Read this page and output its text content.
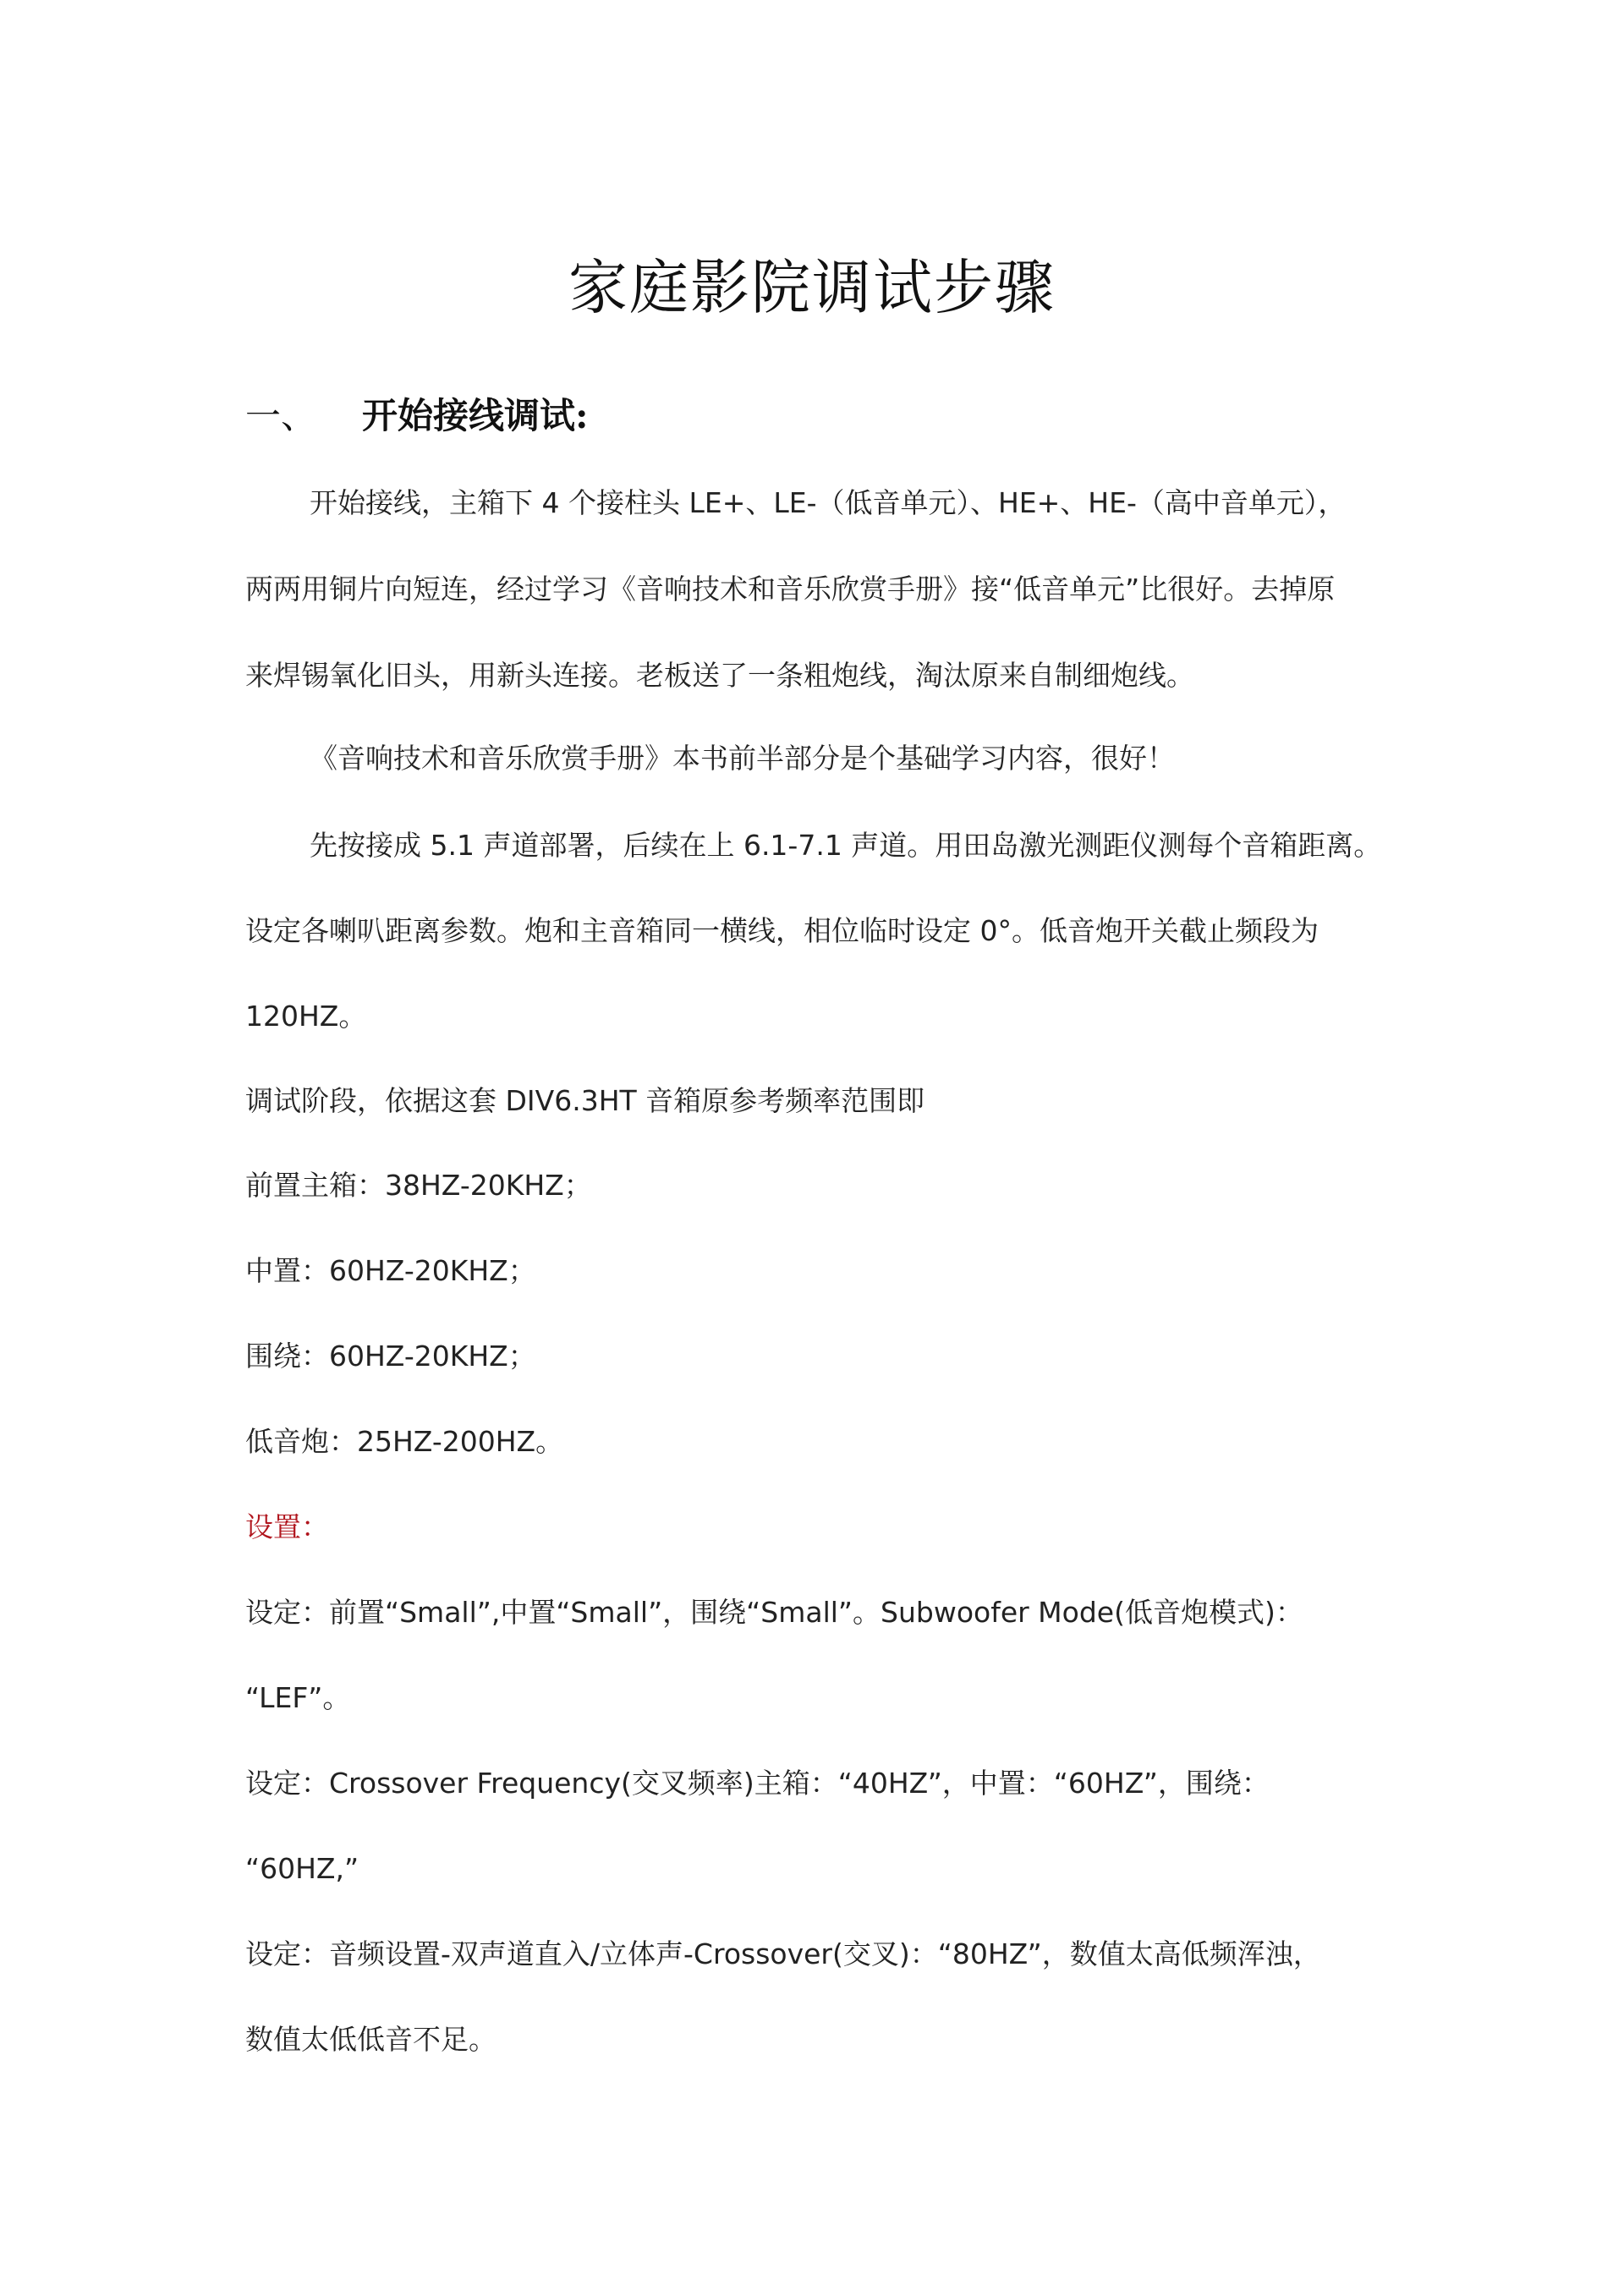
家庭影院调试步骤
一、	开始接线调试:

开始接线，主箱下 4 个接柱头 LE+、LE-（低音单元）、HE+、HE-（高中音单元），

两两用铜片向短连，经过学习《音响技术和音乐欣赏手册》接“低音单元”比很好。去掉原

来焊锡氧化旧头，用新头连接。老板送了一条粗炮线，淘汰原来自制细炮线。

《音响技术和音乐欣赏手册》本书前半部分是个基础学习内容，很好！

先按接成 5.1 声道部署，后续在上 6.1-7.1 声道。用田岛激光测距仪测每个音箱距离。

设定各喇叭距离参数。炮和主音箱同一横线，相位临时设定 0°。低音炮开关截止频段为

120HZ。

调试阶段，依据这套 DIV6.3HT 音箱原参考频率范围即

前置主箱：38HZ-20KHZ；

中置：60HZ-20KHZ；

围绕：60HZ-20KHZ；

低音炮：25HZ-200HZ。

设置：

设定：前置“Small”,中置“Small”，围绕“Small”。Subwoofer Mode(低音炮模式)：

“LEF”。

设定：Crossover Frequency(交叉频率)主箱：“40HZ”，中置：“60HZ”，围绕：

“60HZ,”

设定：音频设置-双声道直入/立体声-Crossover(交叉)：“80HZ”，数值太高低频浑浊，

数值太低低音不足。
